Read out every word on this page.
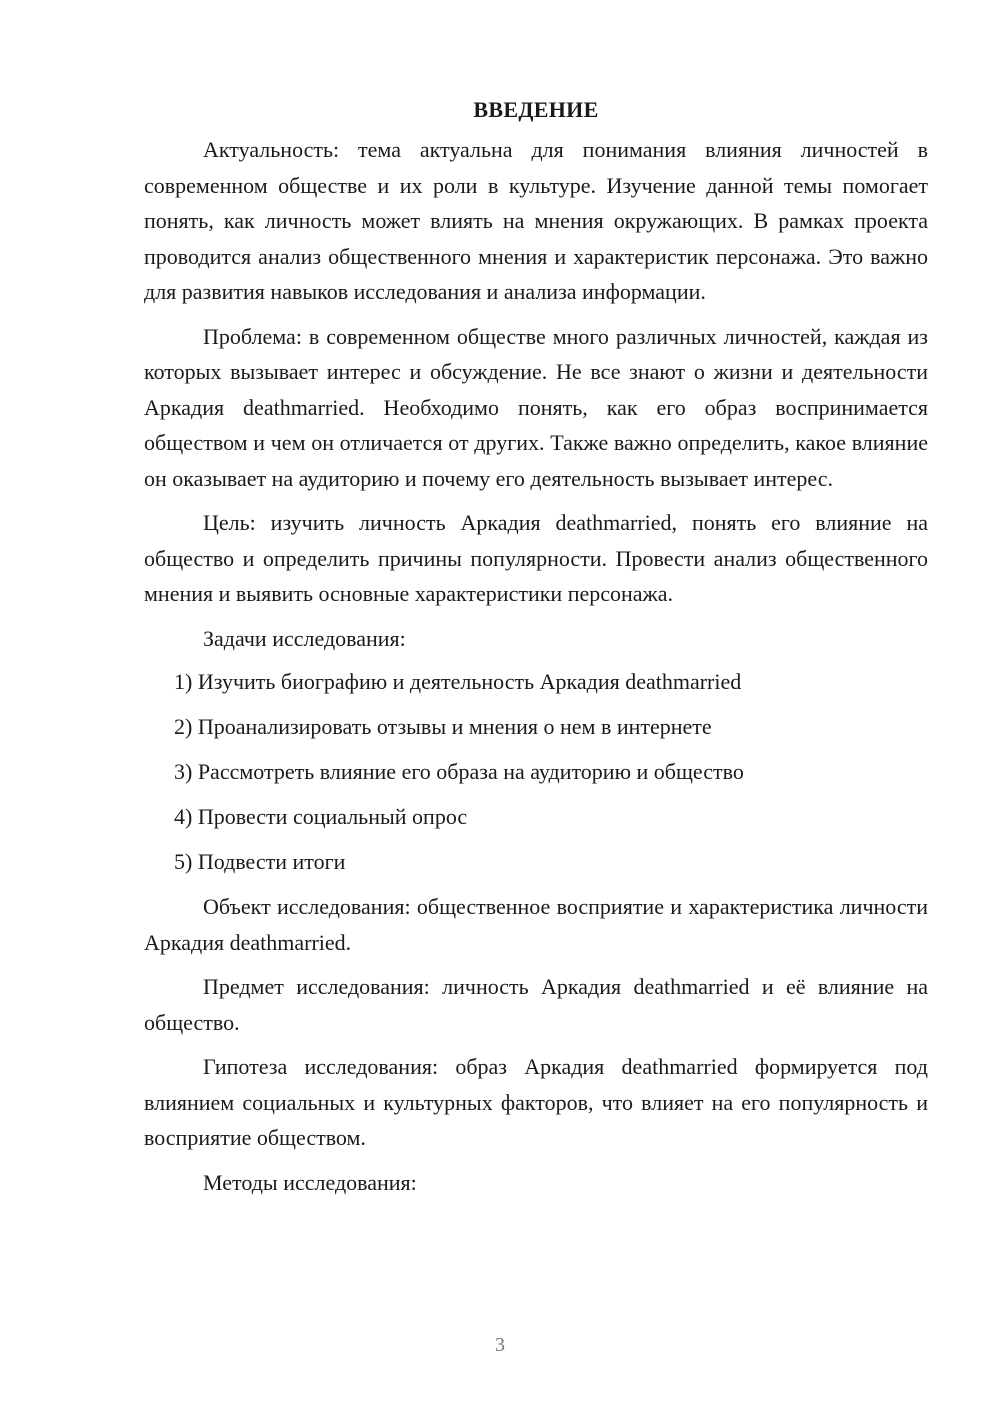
ВВЕДЕНИЕ

Актуальность: тема актуальна для понимания влияния личностей в современном обществе и их роли в культуре. Изучение данной темы помогает понять, как личность может влиять на мнения окружающих. В рамках проекта проводится анализ общественного мнения и характеристик персонажа. Это важно для развития навыков исследования и анализа информации.

Проблема: в современном обществе много различных личностей, каждая из которых вызывает интерес и обсуждение. Не все знают о жизни и деятельности Аркадия deathmarried. Необходимо понять, как его образ воспринимается обществом и чем он отличается от других. Также важно определить, какое влияние он оказывает на аудиторию и почему его деятельность вызывает интерес.

Цель: изучить личность Аркадия deathmarried, понять его влияние на общество и определить причины популярности. Провести анализ общественного мнения и выявить основные характеристики персонажа.

Задачи исследования:

1) Изучить биографию и деятельность Аркадия deathmarried
2) Проанализировать отзывы и мнения о нем в интернете
3) Рассмотреть влияние его образа на аудиторию и общество
4) Провести социальный опрос
5) Подвести итоги

Объект исследования: общественное восприятие и характеристика личности Аркадия deathmarried.

Предмет исследования: личность Аркадия deathmarried и её влияние на общество.

Гипотеза исследования: образ Аркадия deathmarried формируется под влиянием социальных и культурных факторов, что влияет на его популярность и восприятие обществом.

Методы исследования:

3
